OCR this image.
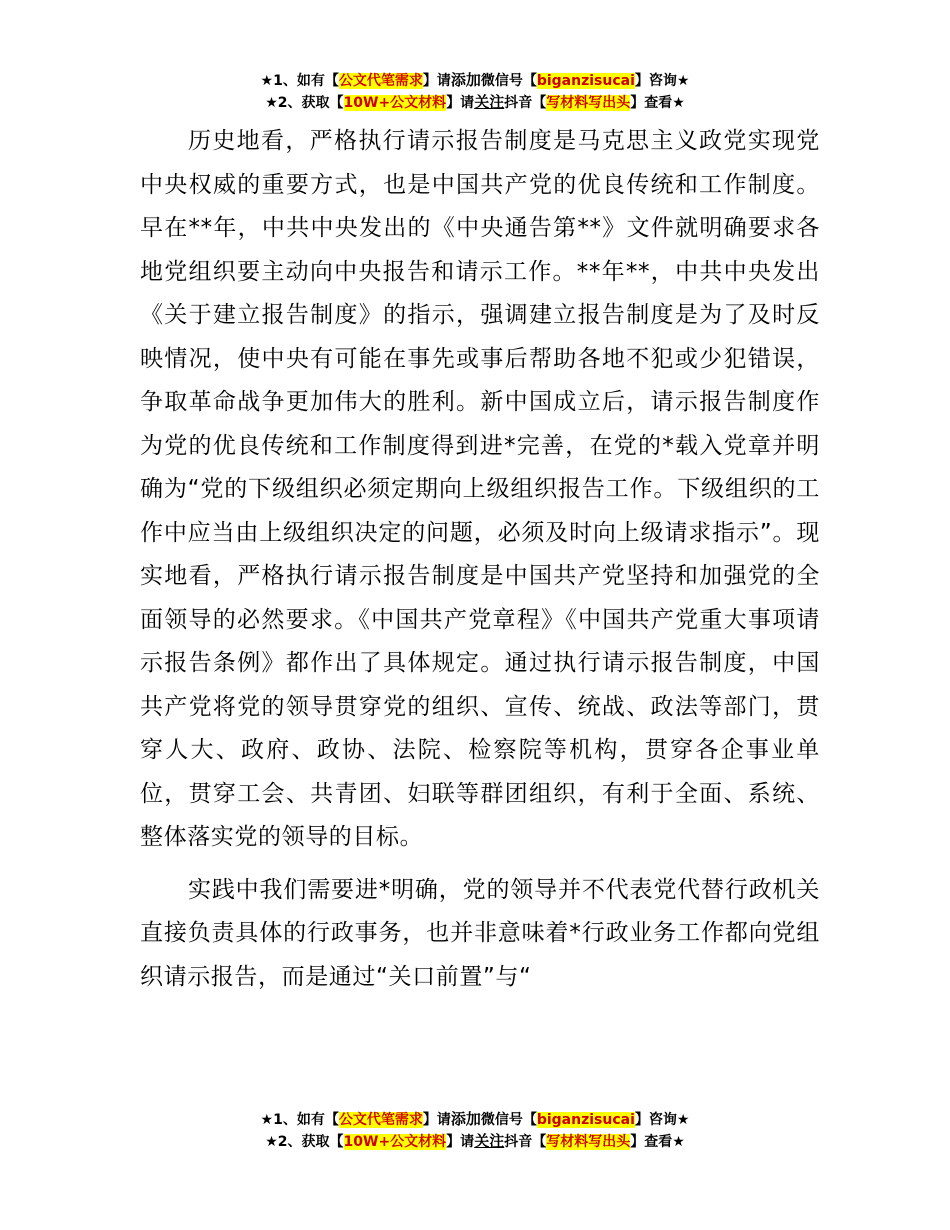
★1、如有【公文代笔需求】请添加微信号【biganzisucai】咨询★
★2、获取【10W+公文材料】请关注抖音【写材料写出头】查看★

历史地看，严格执行请示报告制度是马克思主义政党实现党中央权威的重要方式，也是中国共产党的优良传统和工作制度。早在**年，中共中央发出的《中央通告第**》文件就明确要求各地党组织要主动向中央报告和请示工作。**年**，中共中央发出《关于建立报告制度》的指示，强调建立报告制度是为了及时反映情况，使中央有可能在事先或事后帮助各地不犯或少犯错误，争取革命战争更加伟大的胜利。新中国成立后，请示报告制度作为党的优良传统和工作制度得到进*完善，在党的*载入党章并明确为“党的下级组织必须定期向上级组织报告工作。下级组织的工作中应当由上级组织决定的问题，必须及时向上级请求指示”。现实地看，严格执行请示报告制度是中国共产党坚持和加强党的全面领导的必然要求。《中国共产党章程》《中国共产党重大事项请示报告条例》都作出了具体规定。通过执行请示报告制度，中国共产党将党的领导贯穿党的组织、宣传、统战、政法等部门，贯穿人大、政府、政协、法院、检察院等机构，贯穿各企事业单位，贯穿工会、共青团、妇联等群团组织，有利于全面、系统、整体落实党的领导的目标。

实践中我们需要进*明确，党的领导并不代表党代替行政机关直接负责具体的行政事务，也并非意味着*行政业务工作都向党组织请示报告，而是通过“关口前置”与“

★1、如有【公文代笔需求】请添加微信号【biganzisucai】咨询★
★2、获取【10W+公文材料】请关注抖音【写材料写出头】查看★
